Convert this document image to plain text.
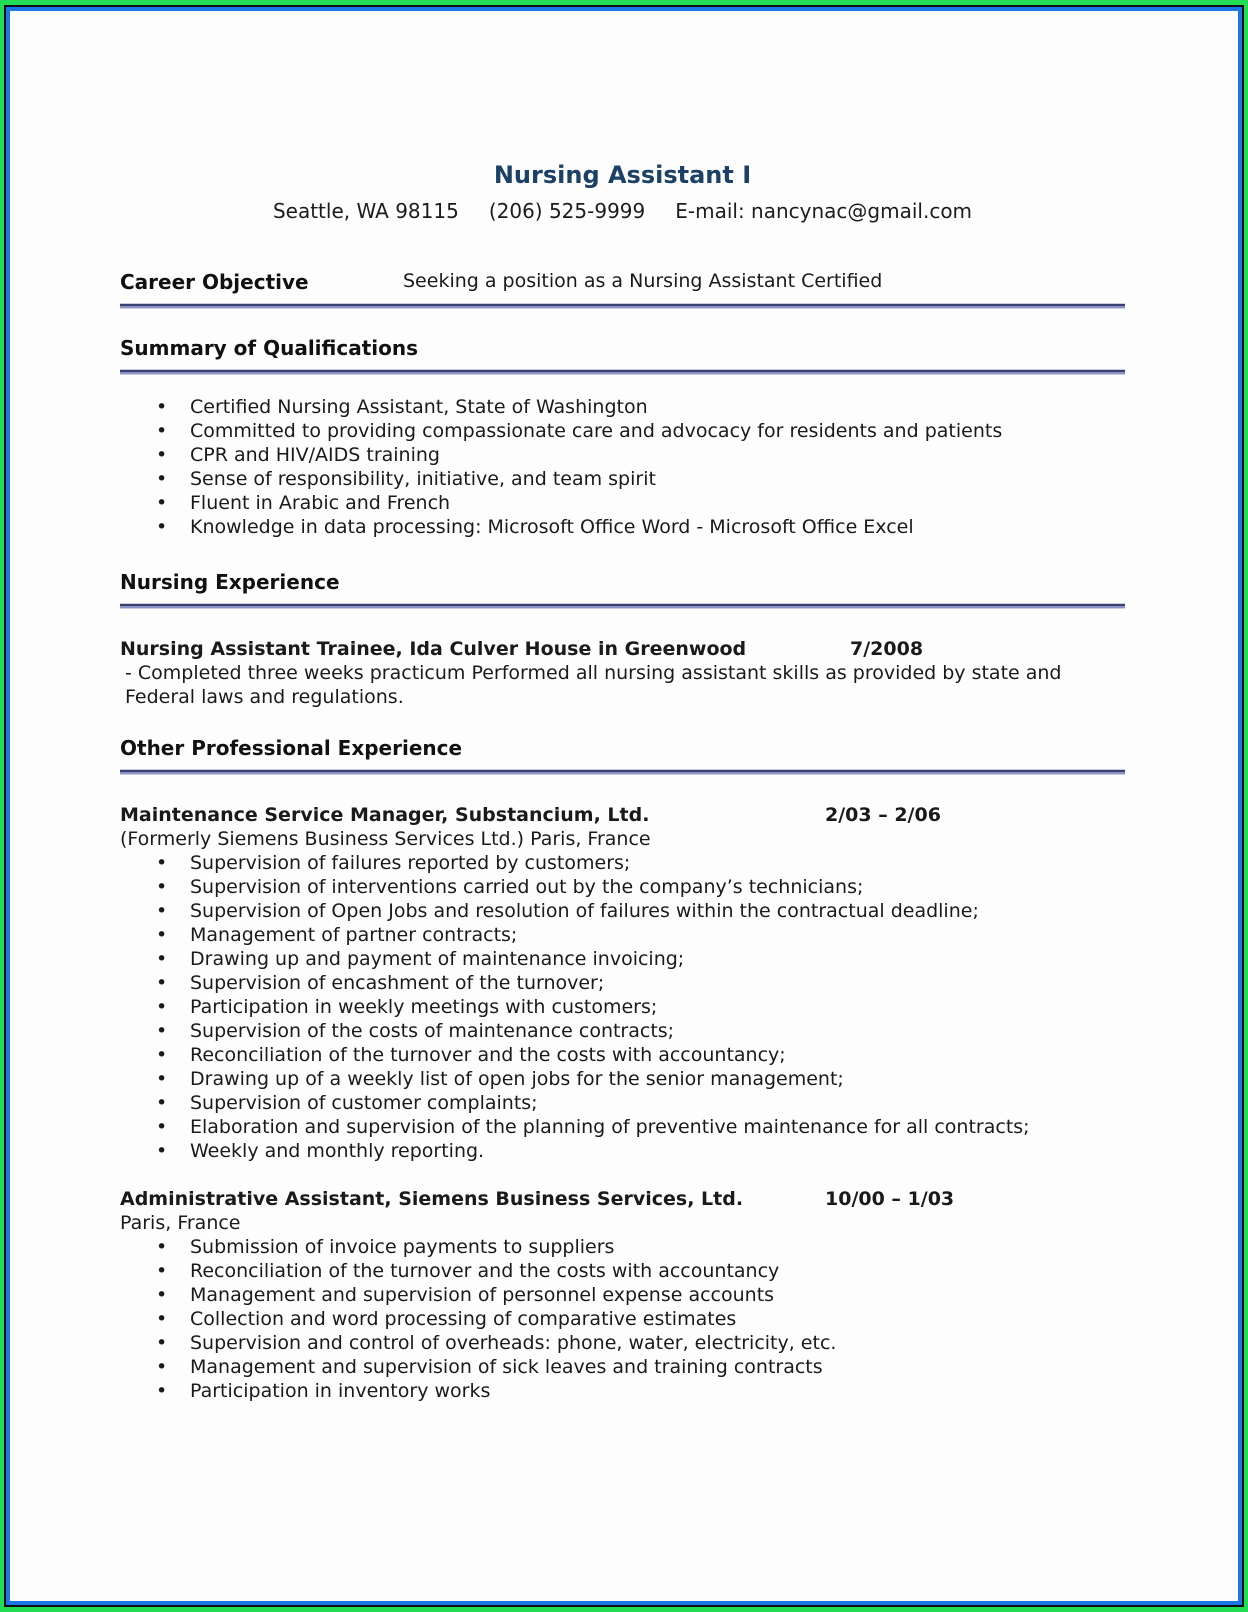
Nursing Assistant I
Seattle, WA 98115 (206) 525-9999 E-mail: nancynac@gmail.com
Career Objective	Seeking a position as a Nursing Assistant Certified
Summary of Qualifications
• Certified Nursing Assistant, State of Washington
• Committed to providing compassionate care and advocacy for residents and patients
• CPR and HIV/AIDS training
• Sense of responsibility, initiative, and team spirit
• Fluent in Arabic and French
• Knowledge in data processing: Microsoft Office Word - Microsoft Office Excel
Nursing Experience
Nursing Assistant Trainee, Ida Culver House in Greenwood	7/2008
- Completed three weeks practicum Performed all nursing assistant skills as provided by state and Federal laws and regulations.
Other Professional Experience
Maintenance Service Manager, Substancium, Ltd.	2/03 – 2/06
(Formerly Siemens Business Services Ltd.) Paris, France
• Supervision of failures reported by customers;
• Supervision of interventions carried out by the company’s technicians;
• Supervision of Open Jobs and resolution of failures within the contractual deadline;
• Management of partner contracts;
• Drawing up and payment of maintenance invoicing;
• Supervision of encashment of the turnover;
• Participation in weekly meetings with customers;
• Supervision of the costs of maintenance contracts;
• Reconciliation of the turnover and the costs with accountancy;
• Drawing up of a weekly list of open jobs for the senior management;
• Supervision of customer complaints;
• Elaboration and supervision of the planning of preventive maintenance for all contracts;
• Weekly and monthly reporting.
Administrative Assistant, Siemens Business Services, Ltd.	10/00 – 1/03
Paris, France
• Submission of invoice payments to suppliers
• Reconciliation of the turnover and the costs with accountancy
• Management and supervision of personnel expense accounts
• Collection and word processing of comparative estimates
• Supervision and control of overheads: phone, water, electricity, etc.
• Management and supervision of sick leaves and training contracts
• Participation in inventory works
